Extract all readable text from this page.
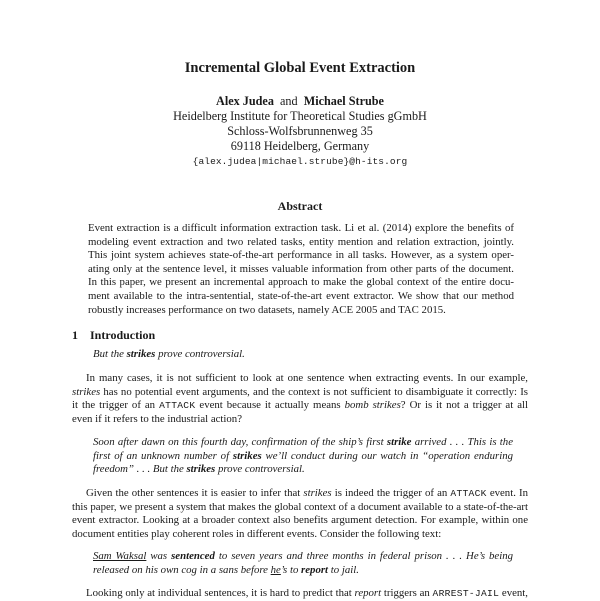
Incremental Global Event Extraction
Alex Judea and Michael Strube
Heidelberg Institute for Theoretical Studies gGmbH
Schloss-Wolfsbrunnenweg 35
69118 Heidelberg, Germany
{alex.judea|michael.strube}@h-its.org
Abstract
Event extraction is a difficult information extraction task. Li et al. (2014) explore the benefits of
modeling event extraction and two related tasks, entity mention and relation extraction, jointly.
This joint system achieves state-of-the-art performance in all tasks. However, as a system oper-
ating only at the sentence level, it misses valuable information from other parts of the document.
In this paper, we present an incremental approach to make the global context of the entire docu-
ment available to the intra-sentential, state-of-the-art event extractor. We show that our method
robustly increases performance on two datasets, namely ACE 2005 and TAC 2015.
1 Introduction
But the strikes prove controversial.
In many cases, it is not sufficient to look at one sentence when extracting events. In our example,
strikes has no potential event arguments, and the context is not sufficient to disambiguate it correctly: Is
it the trigger of an ATTACK event because it actually means bomb strikes? Or is it not a trigger at all
even if it refers to the industrial action?
Soon after dawn on this fourth day, confirmation of the ship’s first strike arrived . . . This is the
first of an unknown number of strikes we’ll conduct during our watch in “operation enduring
freedom” . . . But the strikes prove controversial.
Given the other sentences it is easier to infer that strikes is indeed the trigger of an ATTACK event. In
this paper, we present a system that makes the global context of a document available to a state-of-the-art
event extractor. Looking at a broader context also benefits argument detection. For example, within one
document entities play coherent roles in different events. Consider the following text:
Sam Waksal was sentenced to seven years and three months in federal prison . . . He’s being
released on his own cog in a sans before he’s to report to jail.
Looking only at individual sentences, it is hard to predict that report triggers an ARREST-JAIL event,
